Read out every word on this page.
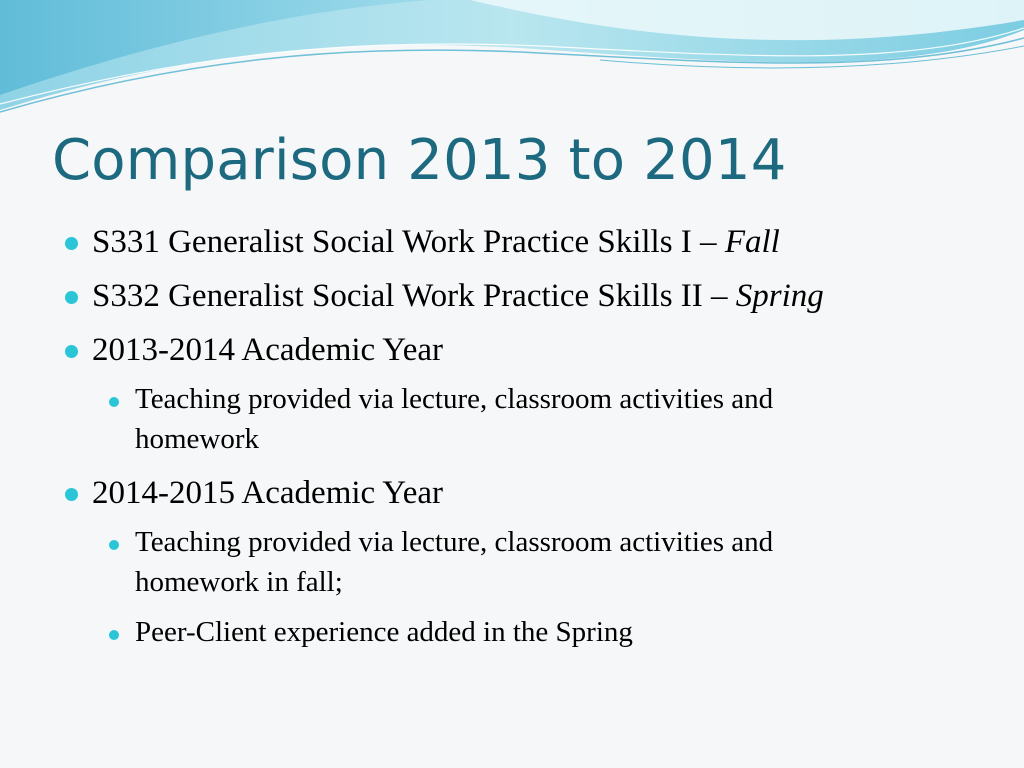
Comparison 2013 to 2014
S331 Generalist Social Work Practice Skills I – Fall
S332 Generalist Social Work Practice Skills II – Spring
2013-2014 Academic Year
Teaching provided via lecture, classroom activities and
homework
2014-2015 Academic Year
Teaching provided via lecture, classroom activities and
homework in fall;
Peer-Client experience added in the Spring
